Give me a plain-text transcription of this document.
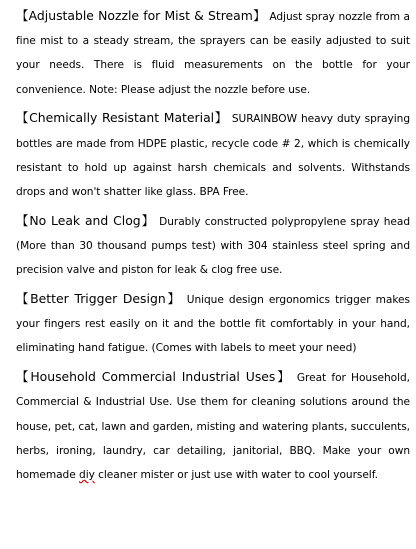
【Adjustable Nozzle for Mist & Stream】 Adjust spray nozzle from a fine mist to a steady stream, the sprayers can be easily adjusted to suit your needs. There is fluid measurements on the bottle for your convenience. Note: Please adjust the nozzle before use.

【Chemically Resistant Material】 SURAINBOW heavy duty spraying bottles are made from HDPE plastic, recycle code # 2, which is chemically resistant to hold up against harsh chemicals and solvents. Withstands drops and won't shatter like glass. BPA Free.

【No Leak and Clog】 Durably constructed polypropylene spray head (More than 30 thousand pumps test) with 304 stainless steel spring and precision valve and piston for leak & clog free use.

【Better Trigger Design】 Unique design ergonomics trigger makes your fingers rest easily on it and the bottle fit comfortably in your hand, eliminating hand fatigue. (Comes with labels to meet your need)

【Household Commercial Industrial Uses】 Great for Household, Commercial & Industrial Use. Use them for cleaning solutions around the house, pet, cat, lawn and garden, misting and watering plants, succulents, herbs, ironing, laundry, car detailing, janitorial, BBQ. Make your own homemade diy cleaner mister or just use with water to cool yourself.
